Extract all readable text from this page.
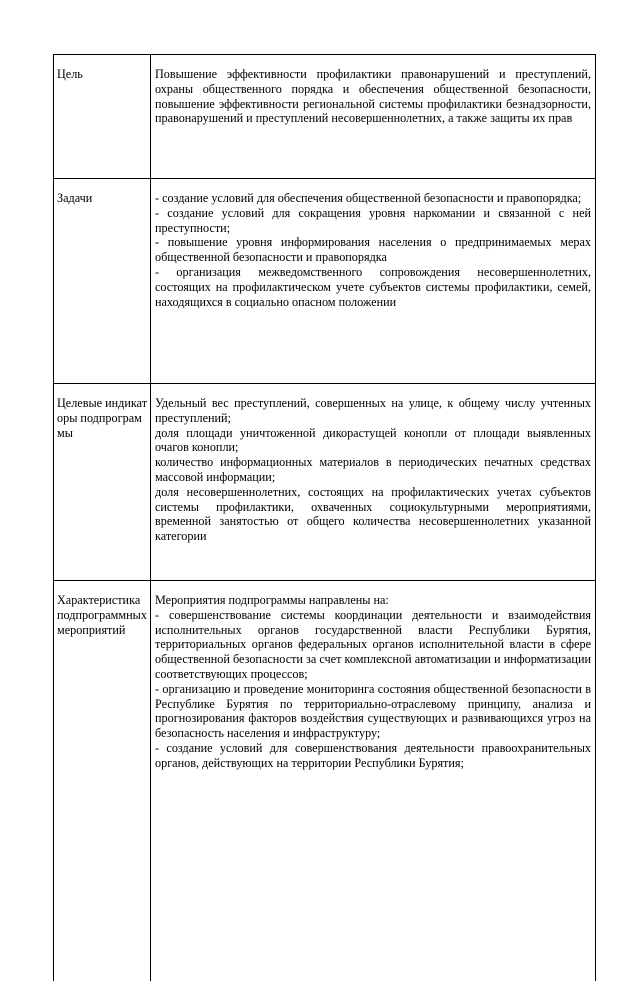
Цель	Повышение эффективности профилактики правонарушений и преступлений, охраны общественного порядка и обеспечения общественной безопасности, повышение эффективности региональной системы профилактики безнадзорности, правонарушений и преступлений несовершеннолетних, а также защиты их прав

Задачи	- создание условий для обеспечения общественной безопасности и правопорядка;

- создание условий для сокращения уровня наркомании и связанной с ней преступности;

- повышение уровня информирования населения о предпринимаемых мерах общественной безопасности и правопорядка

- организация межведомственного сопровождения несовершеннолетних, состоящих на профилактическом учете субъектов системы профилактики, семей, находящихся в социально опасном положении

Целевые индикаторы подпрограммы

Удельный вес преступлений, совершенных на улице, к общему числу учтенных преступлений;

доля площади уничтоженной дикорастущей конопли от площади выявленных очагов конопли;

количество информационных материалов в периодических печатных средствах массовой информации;

доля несовершеннолетних, состоящих на профилактических учетах субъектов системы профилактики, охваченных социокультурными мероприятиями, временной занятостью от общего количества несовершеннолетних указанной категории

Характеристика подпрограммных мероприятий

Мероприятия подпрограммы направлены на:

- совершенствование системы координации деятельности и взаимодействия исполнительных органов государственной власти Республики Бурятия, территориальных органов федеральных органов исполнительной власти в сфере общественной безопасности за счет комплексной автоматизации и информатизации соответствующих процессов;

- организацию и проведение мониторинга состояния общественной безопасности в Республике Бурятия по территориально-отраслевому принципу, анализа и прогнозирования факторов воздействия существующих и развивающихся угроз на безопасность населения и инфраструктуру;

- создание условий для совершенствования деятельности правоохранительных органов, действующих на территории Республики Бурятия;
